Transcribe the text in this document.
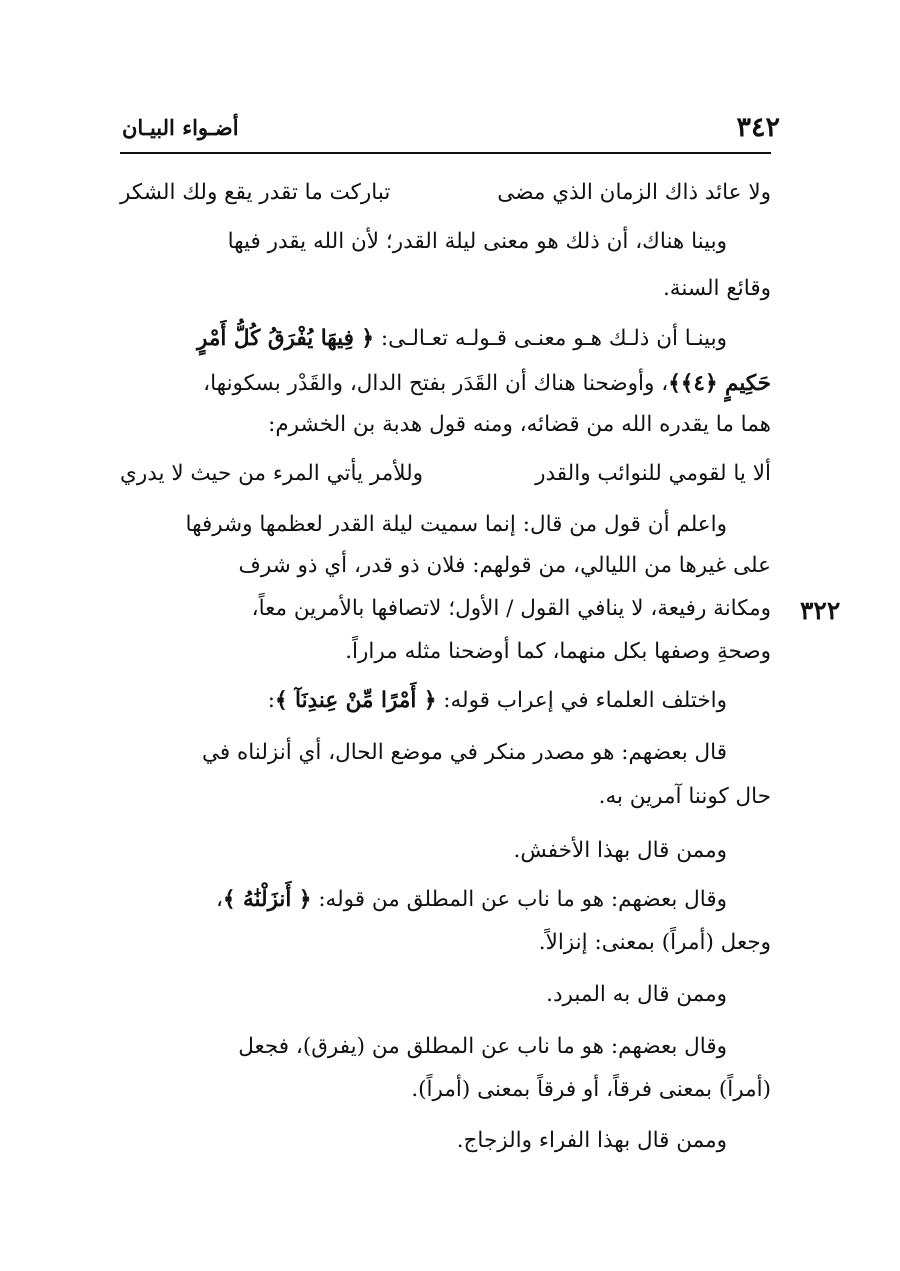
٣٤٢
أضـواء البيـان
٣٢٢
ولا عائد ذاك الزمان الذي مضى
تباركت ما تقدر يقع ولك الشكر
وبينا هناك، أن ذلك هو معنى ليلة القدر؛ لأن الله يقدر فيها
وقائع السنة.
وبينـا أن ذلـك هـو معنـى قـولـه تعـالـى: ﴿ فِيهَا يُفْرَقُ كُلُّ أَمْرٍ
حَكِيمٍ ﴿٤﴾﴾، وأوضحنا هناك أن القَدَر بفتح الدال، والقَدْر بسكونها،
هما ما يقدره الله من قضائه، ومنه قول هدبة بن الخشرم:
ألا يا لقومي للنوائب والقدر
وللأمر يأتي المرء من حيث لا يدري
واعلم أن قول من قال: إنما سميت ليلة القدر لعظمها وشرفها
على غيرها من الليالي، من قولهم: فلان ذو قدر، أي ذو شرف
ومكانة رفيعة، لا ينافي القول / الأول؛ لاتصافها بالأمرين معاً،
وصحةِ وصفها بكل منهما، كما أوضحنا مثله مراراً.
واختلف العلماء في إعراب قوله: ﴿ أَمْرًا مِّنْ عِندِنَآ ﴾:
قال بعضهم: هو مصدر منكر في موضع الحال، أي أنزلناه في
حال كوننا آمرين به.
وممن قال بهذا الأخفش.
وقال بعضهم: هو ما ناب عن المطلق من قوله: ﴿ أَنزَلْنَٰهُ ﴾،
وجعل (أمراً) بمعنى: إنزالاً.
وممن قال به المبرد.
وقال بعضهم: هو ما ناب عن المطلق من (يفرق)، فجعل
(أمراً) بمعنى فرقاً، أو فرقاً بمعنى (أمراً).
وممن قال بهذا الفراء والزجاج.
